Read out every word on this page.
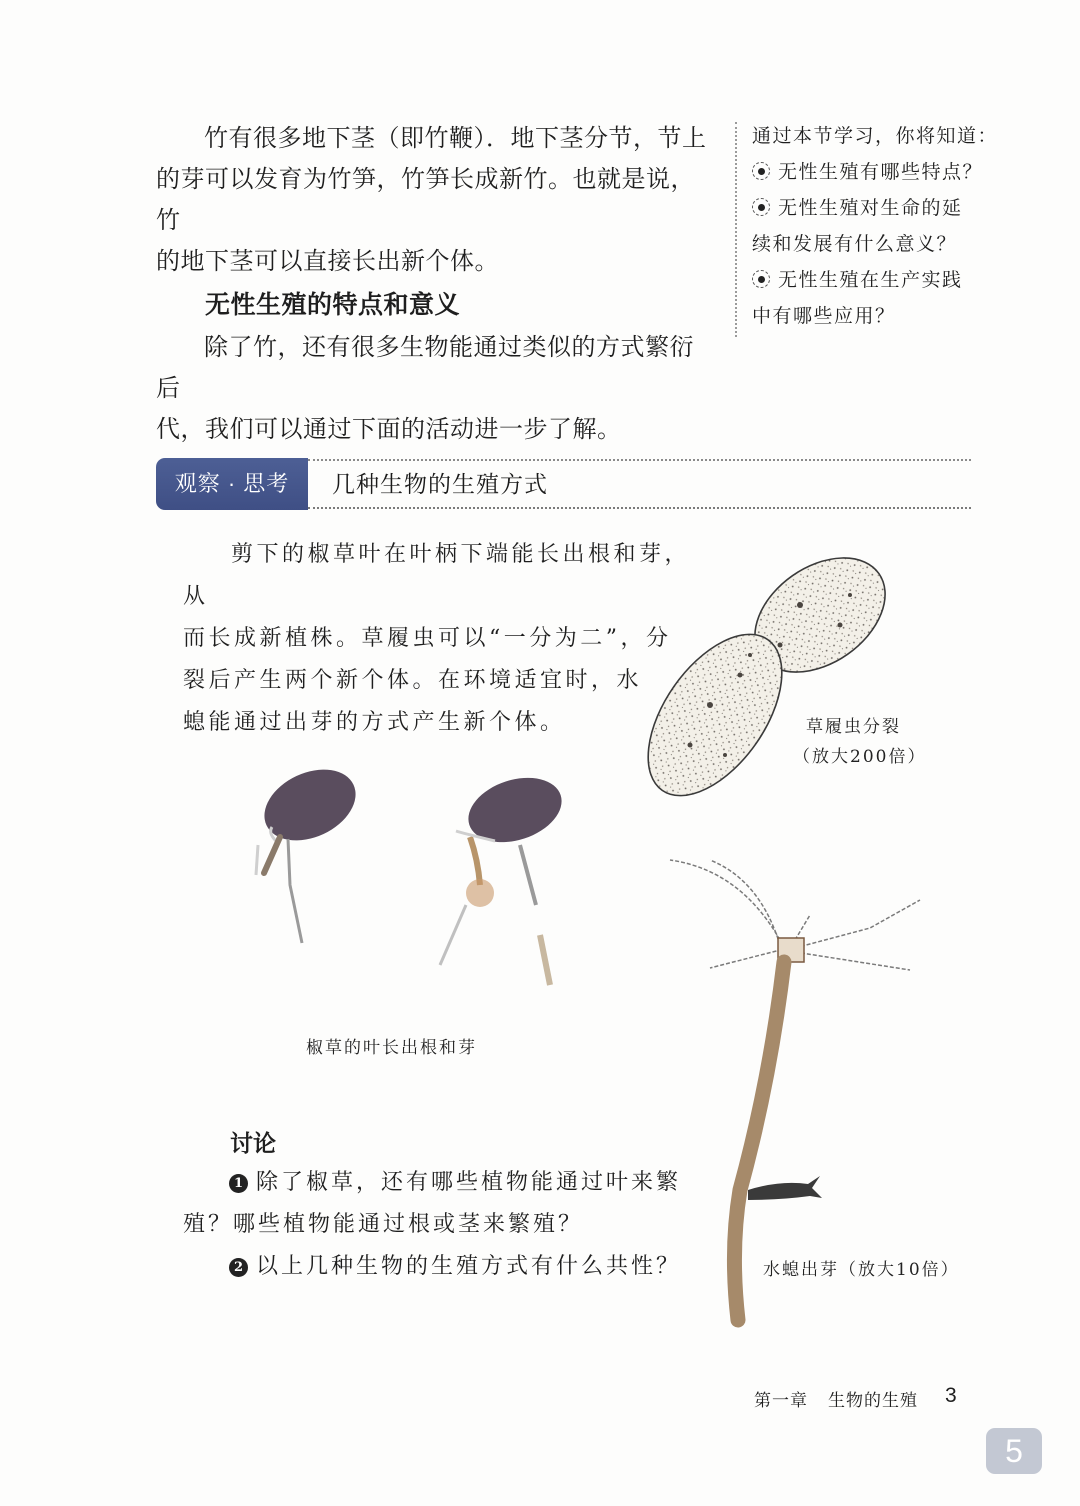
竹有很多地下茎（即竹鞭）．地下茎分节，节上

的芽可以发育为竹笋，竹笋长成新竹。也就是说，竹

的地下茎可以直接长出新个体。

通过本节学习，你将知道：
无性生殖有哪些特点？
无性生殖对生命的延
续和发展有什么意义？
无性生殖在生产实践
中有哪些应用？
无性生殖的特点和意义

除了竹，还有很多生物能通过类似的方式繁衍后

代，我们可以通过下面的活动进一步了解。

观察 · 思考	几种生物的生殖方式

剪下的椒草叶在叶柄下端能长出根和芽，从

而长成新植株。草履虫可以“一分为二”，分

裂后产生两个新个体。在环境适宜时，水

螅能通过出芽的方式产生新个体。	草履虫分裂
（放大200倍）
椒草的叶长出根和芽
水螅出芽（放大10倍）
讨论

1 除了椒草，还有哪些植物能通过叶来繁

殖？哪些植物能通过根或茎来繁殖？

2 以上几种生物的生殖方式有什么共性？

第一章 生物的生殖 3
5
